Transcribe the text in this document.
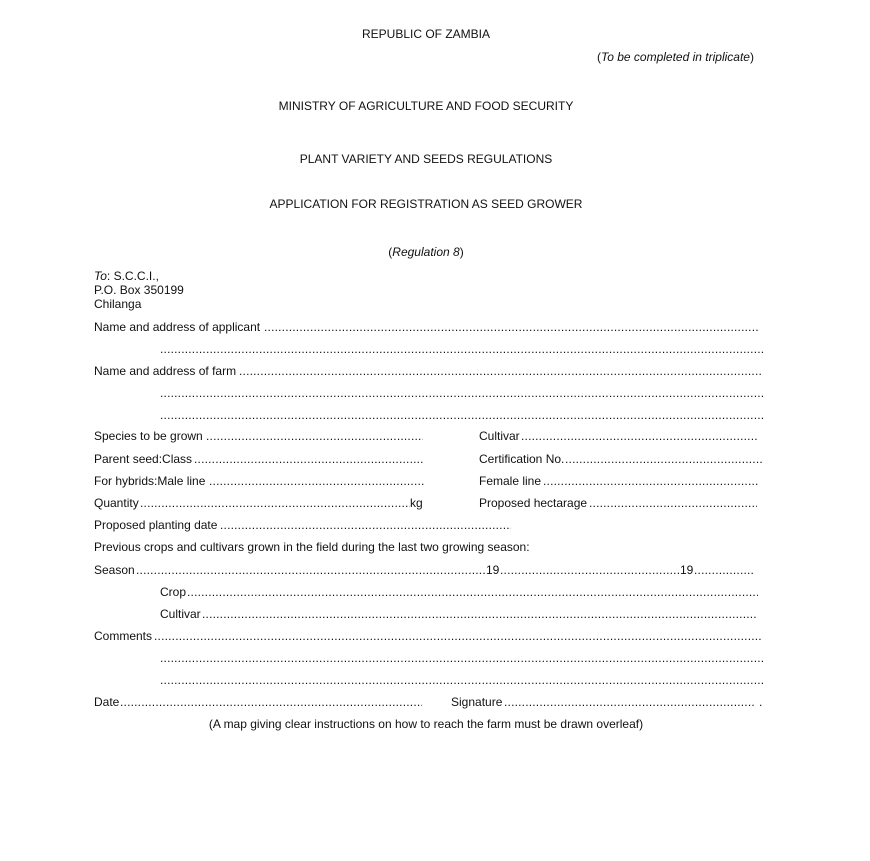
REPUBLIC OF ZAMBIA
(To be completed in triplicate)
MINISTRY OF AGRICULTURE AND FOOD SECURITY
PLANT VARIETY AND SEEDS REGULATIONS
APPLICATION FOR REGISTRATION AS SEED GROWER
(Regulation 8)
To: S.C.C.I.,
P.O. Box 350199
Chilanga
Name and address of applicant
.....
.....
Name and address of farm
.....
.....
.....
Species to be grown .....	Cultivar
.....
Parent seed:Class .....	Certification No.
.....
For hybrids:Male line .....	Female line
.....
Quantity .....	kg	Proposed hectarage
.....
Proposed planting date
.....
Previous crops and cultivars grown in the field during the last two growing season:
Season .....	19 .....	19
.....
Crop
.....
Cultivar
.....
Comments
.....
.....
.....
Date .....	Signature .....	.
(A map giving clear instructions on how to reach the farm must be drawn overleaf)
